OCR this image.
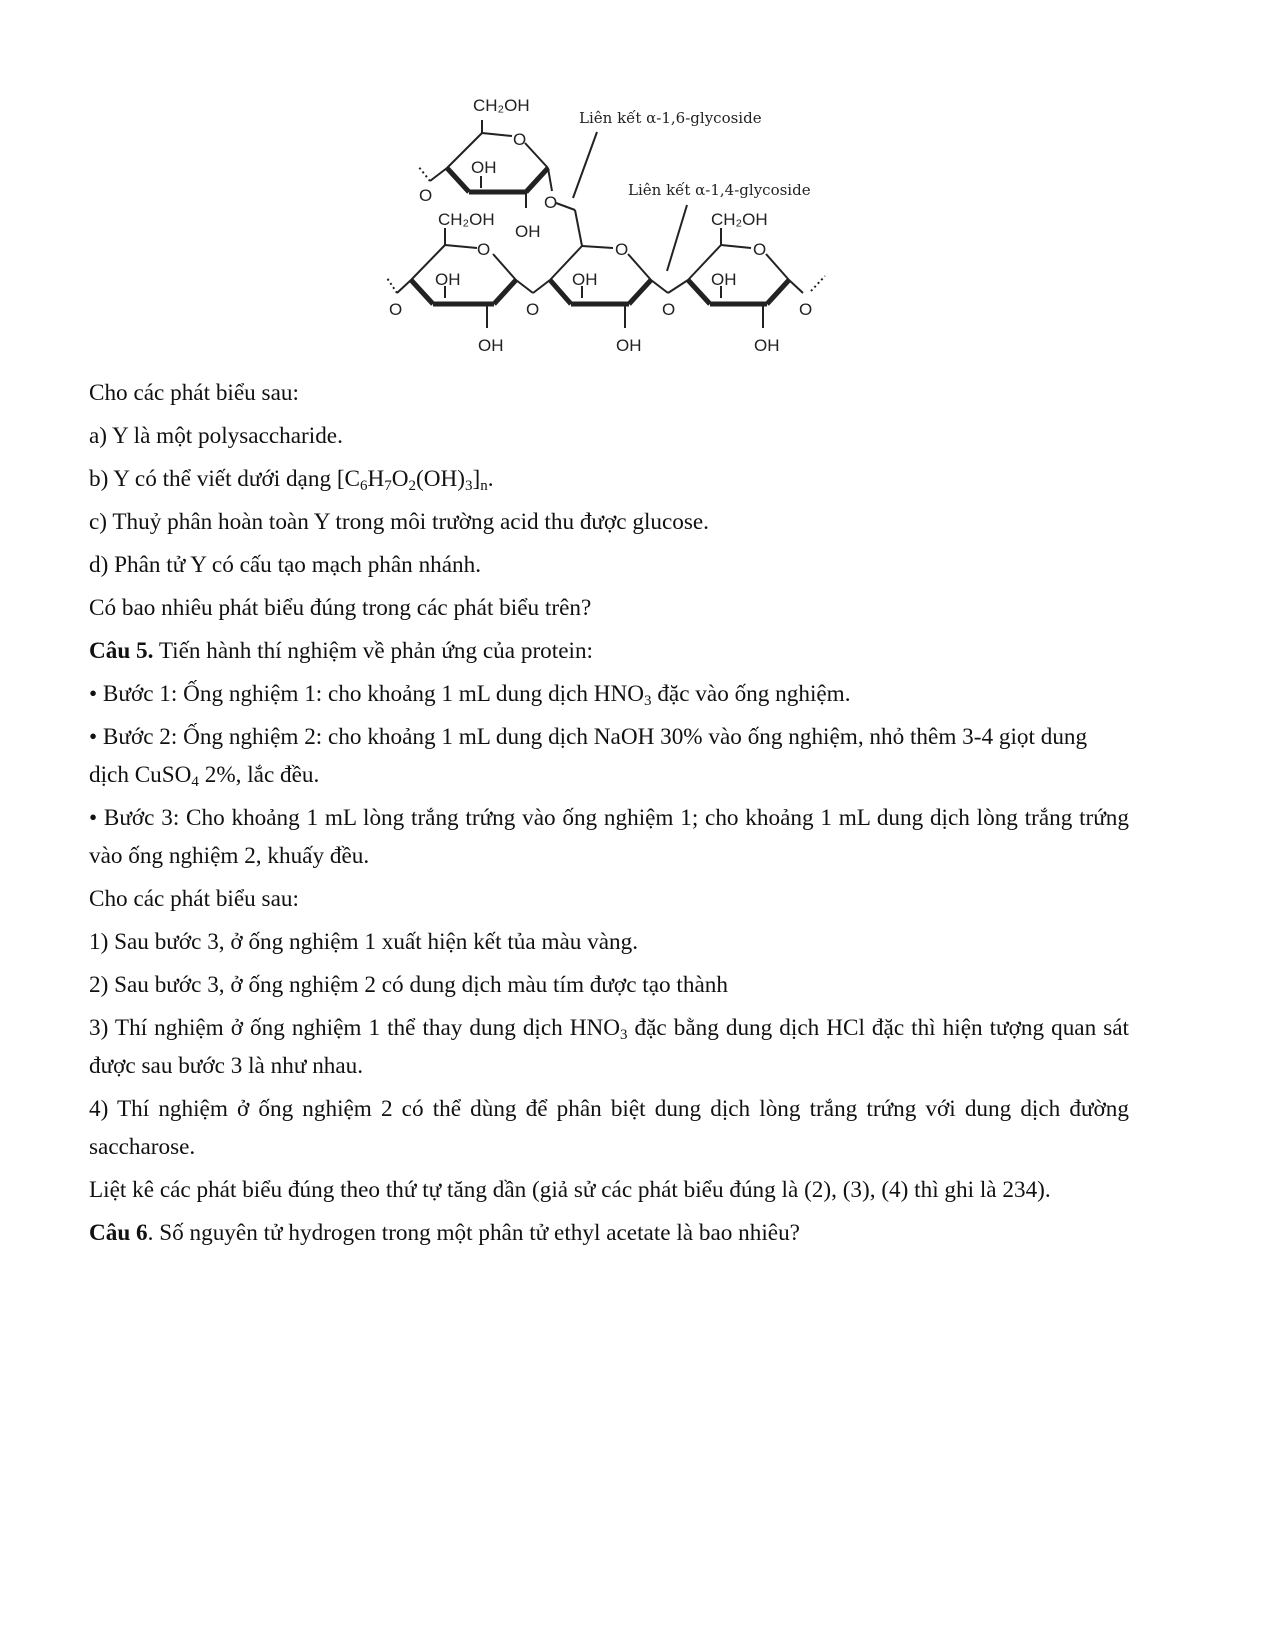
CH₂OH
O
OH
O	O
OH
CH₂OH
O
OH
O	O
OH
O
OH
O
OH
CH₂OH
O
OH
O
OH
Liên kết α-1,6-glycoside
Liên kết α-1,4-glycoside

Cho các phát biểu sau:

a) Y là một polysaccharide.

b) Y có thể viết dưới dạng $[C_6H_7O_2(OH)_3]_n$.

c) Thuỷ phân hoàn toàn Y trong môi trường acid thu được glucose.

d) Phân tử Y có cấu tạo mạch phân nhánh.

Có bao nhiêu phát biểu đúng trong các phát biểu trên?

Câu 5. Tiến hành thí nghiệm về phản ứng của protein:

• Bước 1: Ống nghiệm 1: cho khoảng 1 mL dung dịch $HNO_3$ đặc vào ống nghiệm.

• Bước 2: Ống nghiệm 2: cho khoảng 1 mL dung dịch NaOH 30% vào ống nghiệm, nhỏ thêm 3-4 giọt dung dịch CuSO$_4$ 2%, lắc đều.

• Bước 3: Cho khoảng 1 mL lòng trắng trứng vào ống nghiệm 1; cho khoảng 1 mL dung dịch lòng trắng trứng vào ống nghiệm 2, khuấy đều.

Cho các phát biểu sau:

1) Sau bước 3, ở ống nghiệm 1 xuất hiện kết tủa màu vàng.

2) Sau bước 3, ở ống nghiệm 2 có dung dịch màu tím được tạo thành

3) Thí nghiệm ở ống nghiệm 1 thể thay dung dịch $HNO_3$ đặc bằng dung dịch HCl đặc thì hiện tượng quan sát được sau bước 3 là như nhau.

4) Thí nghiệm ở ống nghiệm 2 có thể dùng để phân biệt dung dịch lòng trắng trứng với dung dịch đường saccharose.

Liệt kê các phát biểu đúng theo thứ tự tăng dần (giả sử các phát biểu đúng là (2), (3), (4) thì ghi là 234).

Câu 6. Số nguyên tử hydrogen trong một phân tử ethyl acetate là bao nhiêu?
